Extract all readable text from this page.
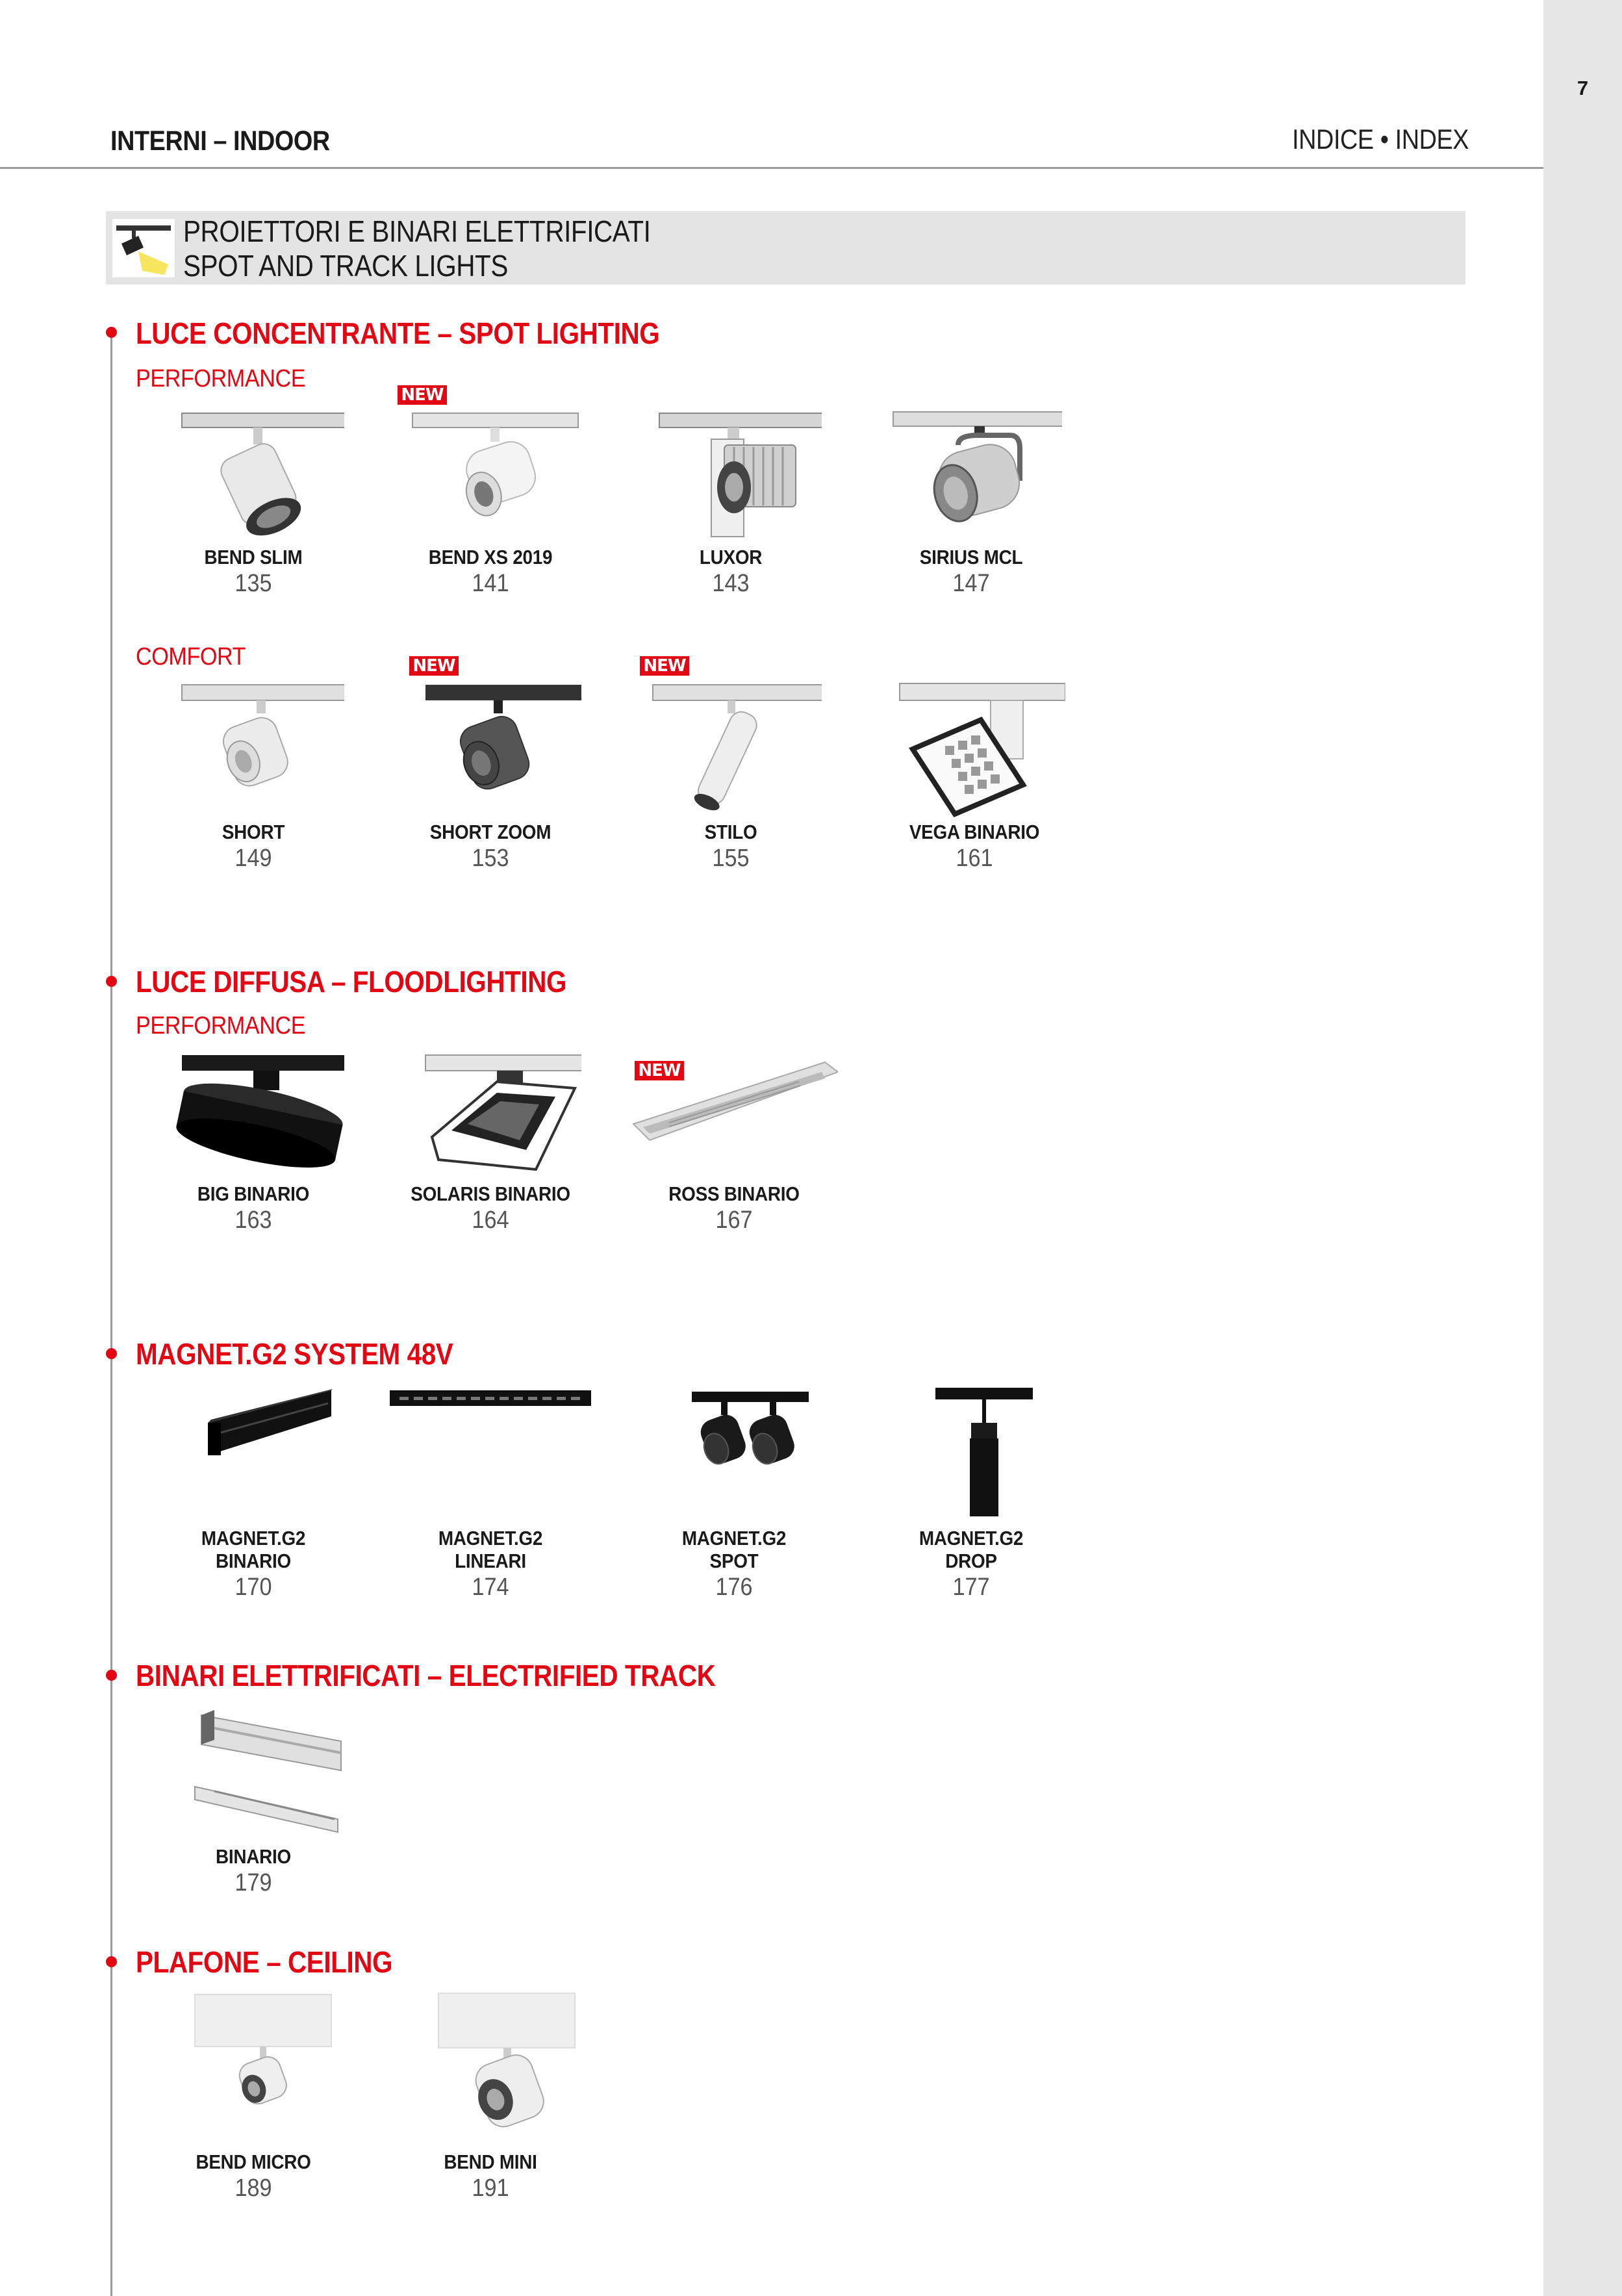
7
INTERNI – INDOOR	INDICE • INDEX
PROIETTORI E BINARI ELETTRIFICATI
SPOT AND TRACK LIGHTS
LUCE CONCENTRANTE – SPOT LIGHTING
PERFORMANCE
NEW
BEND SLIM
135
BEND XS 2019
141
LUXOR
143
SIRIUS MCL
147
COMFORT	NEW	NEW
SHORT
149
SHORT ZOOM
153
STILO
155
VEGA BINARIO
161
LUCE DIFFUSA – FLOODLIGHTING
PERFORMANCE
NEW
BIG BINARIO
163
SOLARIS BINARIO
164
ROSS BINARIO
167
MAGNET.G2 SYSTEM 48V
MAGNET.G2
BINARIO
170
MAGNET.G2
LINEARI
174
MAGNET.G2
SPOT
176
MAGNET.G2
DROP
177
BINARI ELETTRIFICATI – ELECTRIFIED TRACK
BINARIO
179
PLAFONE – CEILING
BEND MICRO
189
BEND MINI
191
